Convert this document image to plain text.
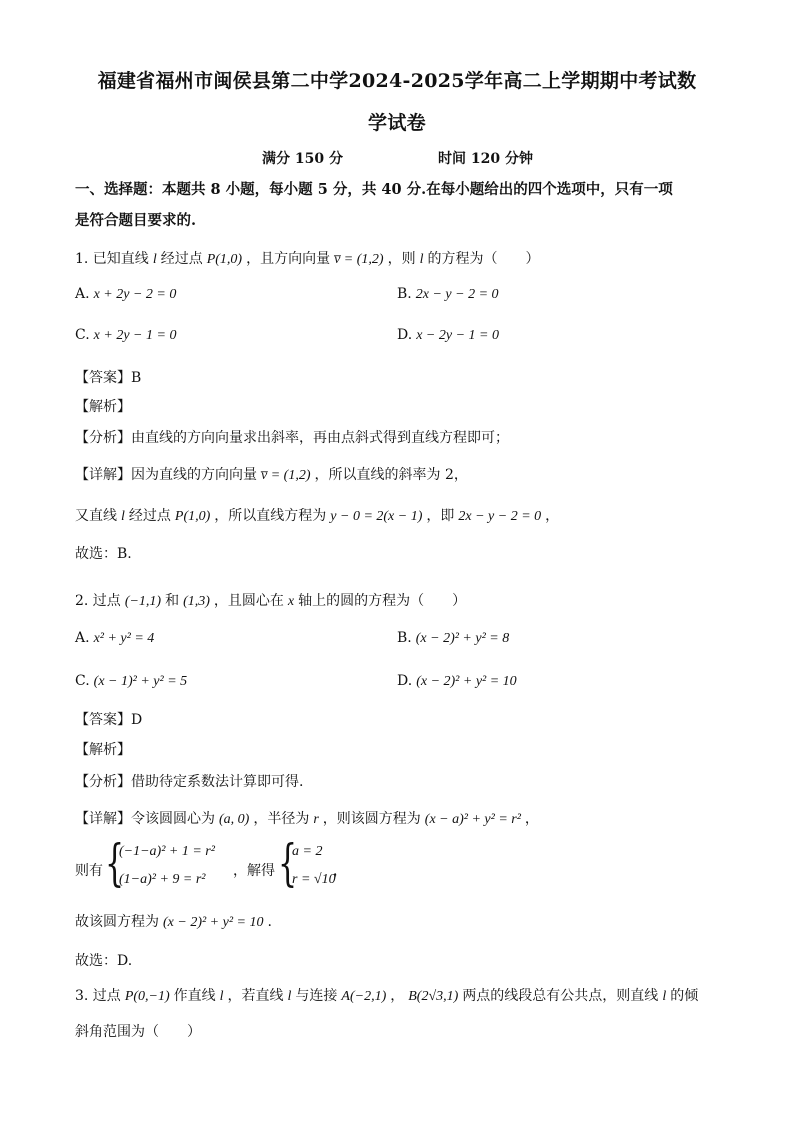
福建省福州市闽侯县第二中学2024-2025学年高二上学期期中考试数
学试卷
满分 150 分	时间 120 分钟
一、选择题：本题共 8 小题，每小题 5 分，共 40 分.在每小题给出的四个选项中，只有一项
是符合题目要求的.
1. 已知直线 l 经过点 P(1,0) ，且方向向量 v̅ = (1,2) ，则 l 的方程为（　　）
A. x + 2y − 2 = 0	B. 2x − y − 2 = 0
C. x + 2y − 1 = 0	D. x − 2y − 1 = 0
【答案】B
【解析】
【分析】由直线的方向向量求出斜率，再由点斜式得到直线方程即可；
【详解】因为直线的方向向量 v̅ = (1,2) ，所以直线的斜率为 2，
又直线 l 经过点 P(1,0) ，所以直线方程为 y − 0 = 2(x − 1) ，即 2x − y − 2 = 0 ，
故选：B.
2. 过点 (−1,1) 和 (1,3) ，且圆心在 x 轴上的圆的方程为（　　）
A. x² + y² = 4	B. (x − 2)² + y² = 8
C. (x − 1)² + y² = 5	D. (x − 2)² + y² = 10
【答案】D
【解析】
【分析】借助待定系数法计算即可得.
【详解】令该圆圆心为 (a, 0) ，半径为 r ，则该圆方程为 (x − a)² + y² = r² ，
则有 {
(−1−a)² + 1 = r²
(1−a)² + 9 = r²
，解得 {
a = 2
r = √10
，
故该圆方程为 (x − 2)² + y² = 10 .
故选：D.
3. 过点 P(0,−1) 作直线 l ，若直线 l 与连接 A(−2,1) ， B(2√3,1) 两点的线段总有公共点，则直线 l 的倾
斜角范围为（　　）
